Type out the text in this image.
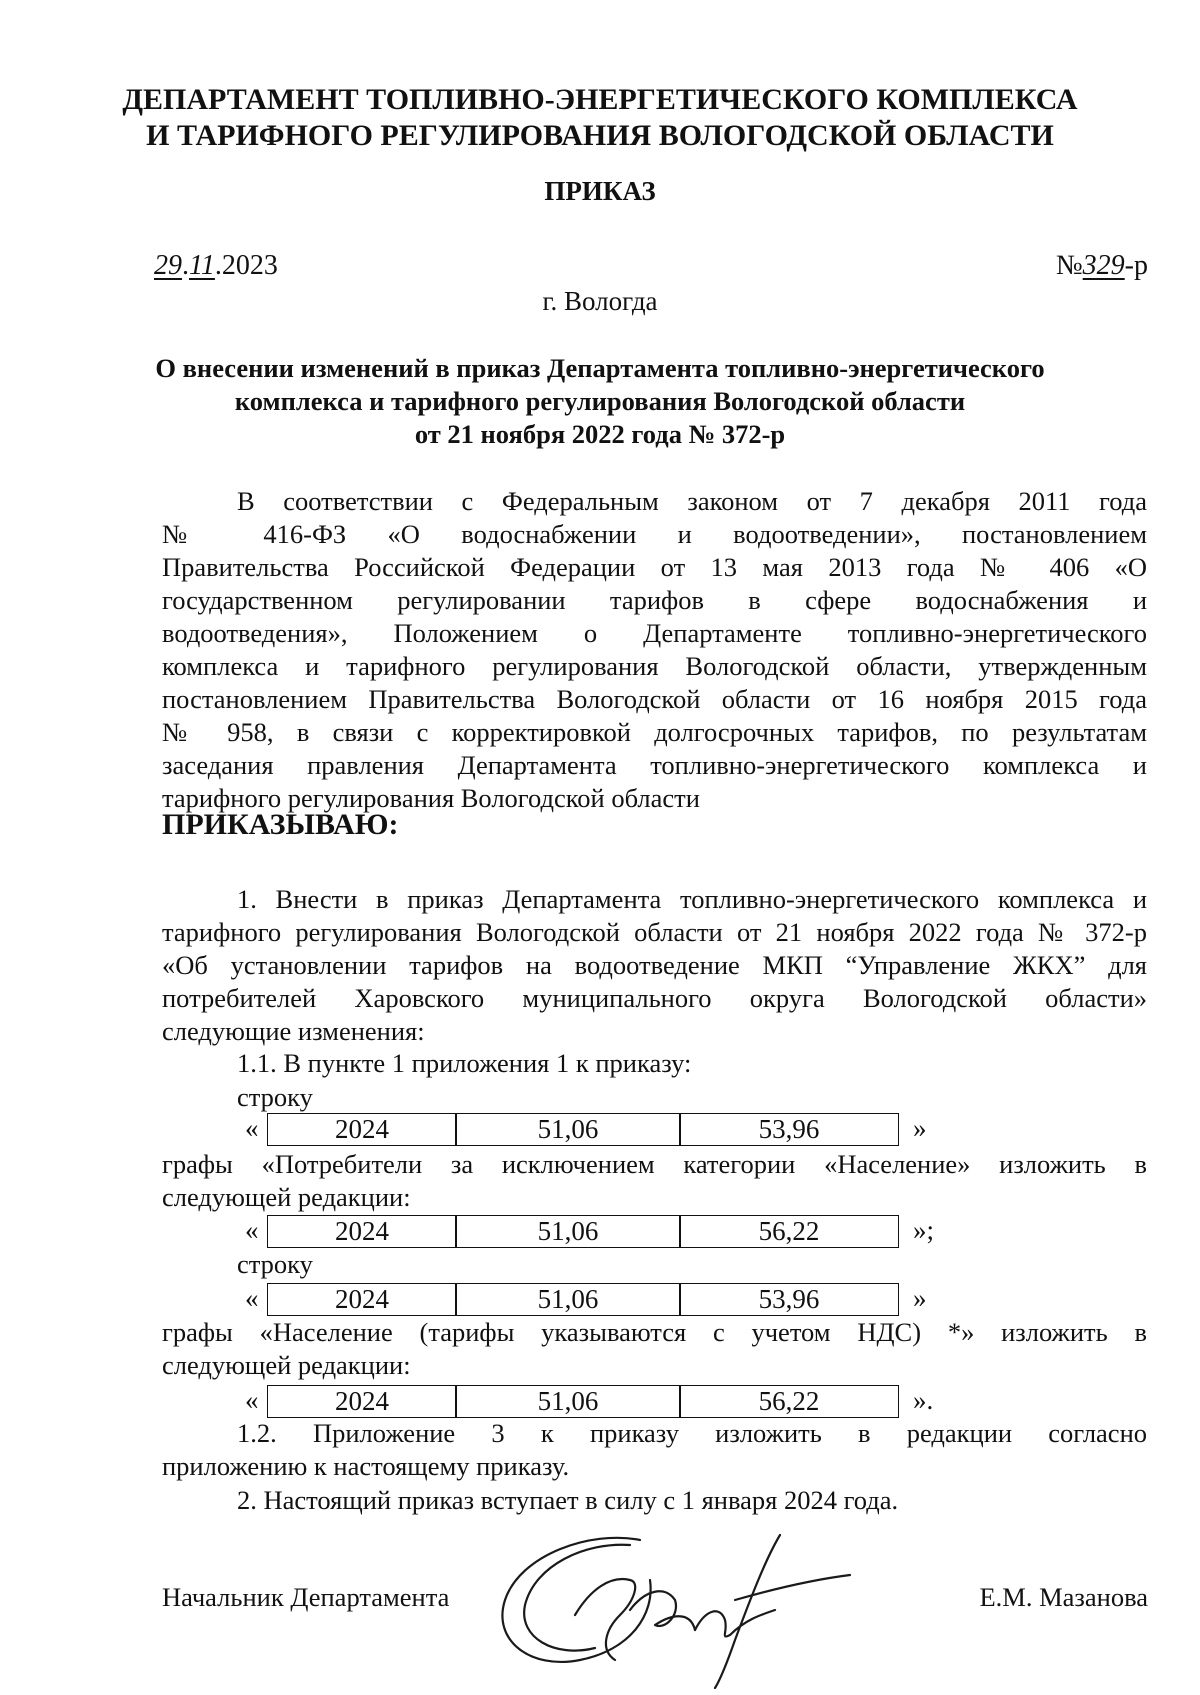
ДЕПАРТАМЕНТ ТОПЛИВНО-ЭНЕРГЕТИЧЕСКОГО КОМПЛЕКСА
И ТАРИФНОГО РЕГУЛИРОВАНИЯ ВОЛОГОДСКОЙ ОБЛАСТИ
ПРИКАЗ
29.11.2023	№329-р
г. Вологда
О внесении изменений в приказ Департамента топливно-энергетического
комплекса и тарифного регулирования Вологодской области
от 21 ноября 2022 года № 372-р
В соответствии с Федеральным законом от 7 декабря 2011 года
№ 416-ФЗ «О водоснабжении и водоотведении», постановлением
Правительства Российской Федерации от 13 мая 2013 года № 406 «О
государственном регулировании тарифов в сфере водоснабжения и
водоотведения», Положением о Департаменте топливно-энергетического
комплекса и тарифного регулирования Вологодской области, утвержденным
постановлением Правительства Вологодской области от 16 ноября 2015 года
№ 958, в связи с корректировкой долгосрочных тарифов, по результатам
заседания правления Департамента топливно-энергетического комплекса и
тарифного регулирования Вологодской области
ПРИКАЗЫВАЮ:
1. Внести в приказ Департамента топливно-энергетического комплекса и
тарифного регулирования Вологодской области от 21 ноября 2022 года № 372-р
«Об установлении тарифов на водоотведение МКП “Управление ЖКХ” для
потребителей Харовского муниципального округа Вологодской области»
следующие изменения:
1.1. В пункте 1 приложения 1 к приказу:
строку
«	2024	51,06	53,96	»
графы «Потребители за исключением категории «Население» изложить в
следующей редакции:
«	2024	51,06	56,22	»;
строку
«	2024	51,06	53,96	»
графы «Население (тарифы указываются с учетом НДС) *» изложить в
следующей редакции:
«	2024	51,06	56,22	».
1.2. Приложение 3 к приказу изложить в редакции согласно
приложению к настоящему приказу.
2. Настоящий приказ вступает в силу с 1 января 2024 года.
Начальник Департамента	Е.М. Мазанова
